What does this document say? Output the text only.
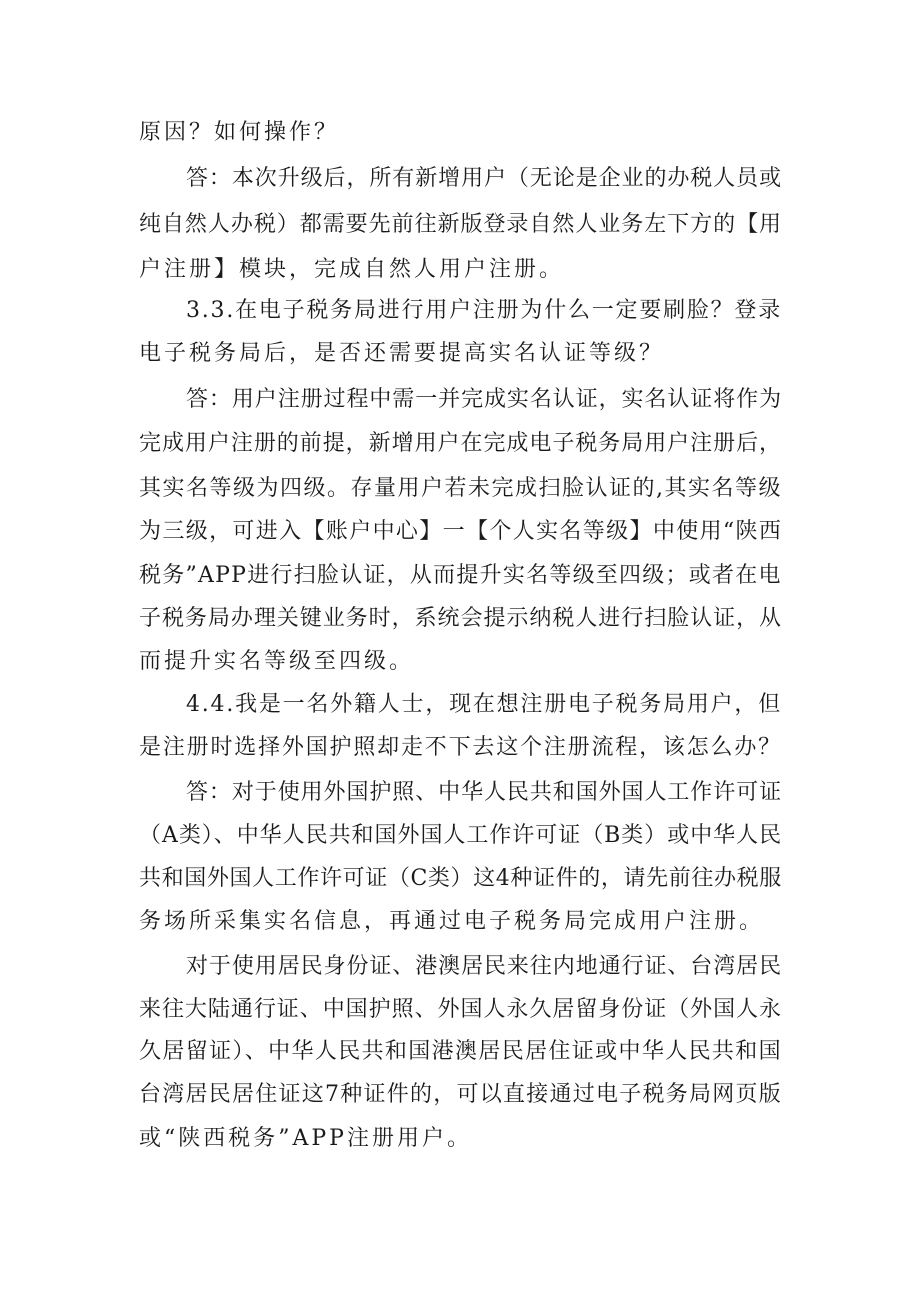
原因？如何操作？
答：本次升级后，所有新增用户（无论是企业的办税人员或
纯自然人办税）都需要先前往新版登录自然人业务左下方的【用
户注册】模块，完成自然人用户注册。
3.3.在电子税务局进行用户注册为什么一定要刷脸？登录
电子税务局后，是否还需要提高实名认证等级？
答：用户注册过程中需一并完成实名认证，实名认证将作为
完成用户注册的前提，新增用户在完成电子税务局用户注册后，
其实名等级为四级。存量用户若未完成扫脸认证的,其实名等级
为三级，可进入【账户中心】一【个人实名等级】中使用“陕西
税务”APP进行扫脸认证，从而提升实名等级至四级；或者在电
子税务局办理关键业务时，系统会提示纳税人进行扫脸认证，从
而提升实名等级至四级。
4.4.我是一名外籍人士，现在想注册电子税务局用户，但
是注册时选择外国护照却走不下去这个注册流程，该怎么办？
答：对于使用外国护照、中华人民共和国外国人工作许可证
（A类）、中华人民共和国外国人工作许可证（B类）或中华人民
共和国外国人工作许可证（C类）这4种证件的，请先前往办税服
务场所采集实名信息，再通过电子税务局完成用户注册。
对于使用居民身份证、港澳居民来往内地通行证、台湾居民
来往大陆通行证、中国护照、外国人永久居留身份证（外国人永
久居留证）、中华人民共和国港澳居民居住证或中华人民共和国
台湾居民居住证这7种证件的，可以直接通过电子税务局网页版
或“陕西税务”APP注册用户。
